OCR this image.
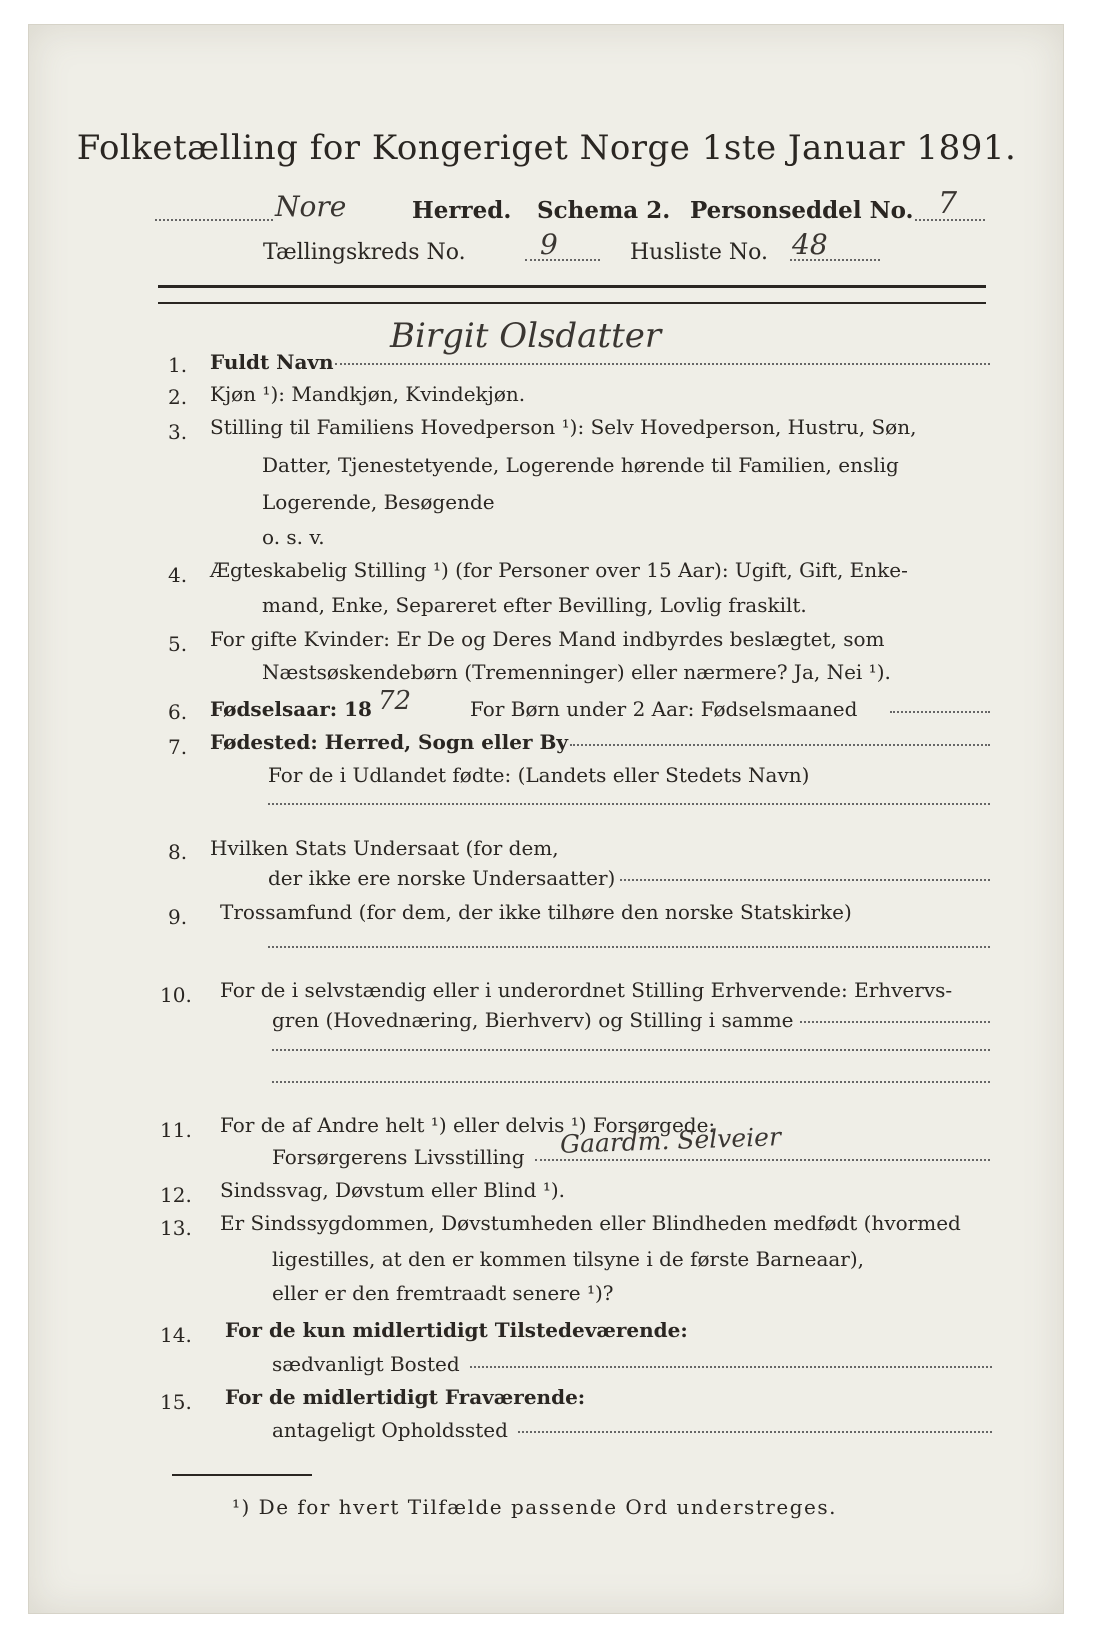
Folketælling for Kongeriget Norge 1ste Januar 1891.
Nore	Herred. Schema 2. Personseddel No. 7
Tællingskreds No.	9	Husliste No. 48
1. Fuldt Navn
Birgit Olsdatter
2. Kjøn ¹): Mandkjøn, Kvindekjøn.
3. Stilling til Familiens Hovedperson ¹): Selv Hovedperson, Hustru, Søn,
Datter, Tjenestetyende, Logerende hørende til Familien, enslig
Logerende, Besøgende
o. s. v.
4. Ægteskabelig Stilling ¹) (for Personer over 15 Aar): Ugift, Gift, Enke-
mand, Enke, Separeret efter Bevilling, Lovlig fraskilt.
5. For gifte Kvinder: Er De og Deres Mand indbyrdes beslægtet, som
Næstsøskendebørn (Tremenninger) eller nærmere? Ja, Nei ¹).
6. Fødselsaar: 18 72	For Børn under 2 Aar: Fødselsmaaned
7. Fødested: Herred, Sogn eller By
For de i Udlandet fødte: (Landets eller Stedets Navn)
8. Hvilken Stats Undersaat (for dem,
der ikke ere norske Undersaatter)
9. Trossamfund (for dem, der ikke tilhøre den norske Statskirke)
10. For de i selvstændig eller i underordnet Stilling Erhvervende: Erhvervs-
gren (Hovednæring, Bierhverv) og Stilling i samme
11. For de af Andre helt ¹) eller delvis ¹) Forsørgede:
Forsørgerens Livsstilling Gaardm. Selveier
12. Sindssvag, Døvstum eller Blind ¹).
13. Er Sindssygdommen, Døvstumheden eller Blindheden medfødt (hvormed
ligestilles, at den er kommen tilsyne i de første Barneaar),
eller er den fremtraadt senere ¹)?
14. For de kun midlertidigt Tilstedeværende:
sædvanligt Bosted
15. For de midlertidigt Fraværende:
antageligt Opholdssted
¹) De for hvert Tilfælde passende Ord understreges.
